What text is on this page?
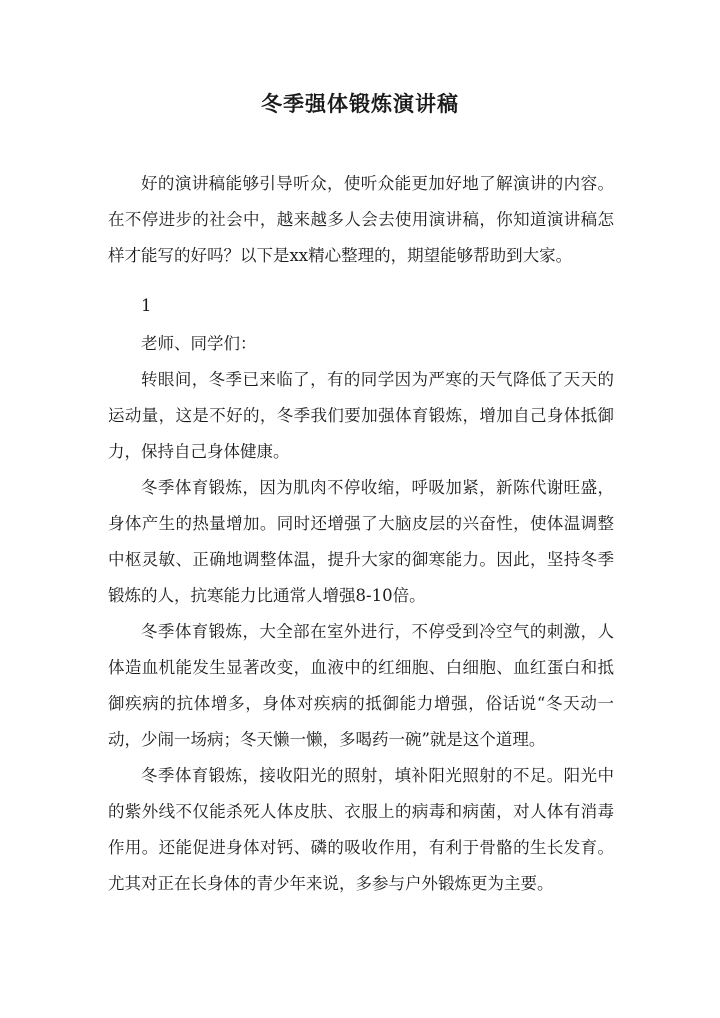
冬季强体锻炼演讲稿

好的演讲稿能够引导听众，使听众能更加好地了解演讲的内容。在不停进步的社会中，越来越多人会去使用演讲稿，你知道演讲稿怎样才能写的好吗？以下是xx精心整理的，期望能够帮助到大家。

1

老师、同学们：

转眼间，冬季已来临了，有的同学因为严寒的天气降低了天天的运动量，这是不好的，冬季我们要加强体育锻炼，增加自己身体抵御力，保持自己身体健康。

冬季体育锻炼，因为肌肉不停收缩，呼吸加紧，新陈代谢旺盛，身体产生的热量增加。同时还增强了大脑皮层的兴奋性，使体温调整中枢灵敏、正确地调整体温，提升大家的御寒能力。因此，坚持冬季锻炼的人，抗寒能力比通常人增强8-10倍。

冬季体育锻炼，大全部在室外进行，不停受到冷空气的刺激，人体造血机能发生显著改变，血液中的红细胞、白细胞、血红蛋白和抵御疾病的抗体增多，身体对疾病的抵御能力增强，俗话说“冬天动一动，少闹一场病；冬天懒一懒，多喝药一碗”就是这个道理。

冬季体育锻炼，接收阳光的照射，填补阳光照射的不足。阳光中的紫外线不仅能杀死人体皮肤、衣服上的病毒和病菌，对人体有消毒作用。还能促进身体对钙、磷的吸收作用，有利于骨骼的生长发育。尤其对正在长身体的青少年来说，多参与户外锻炼更为主要。
